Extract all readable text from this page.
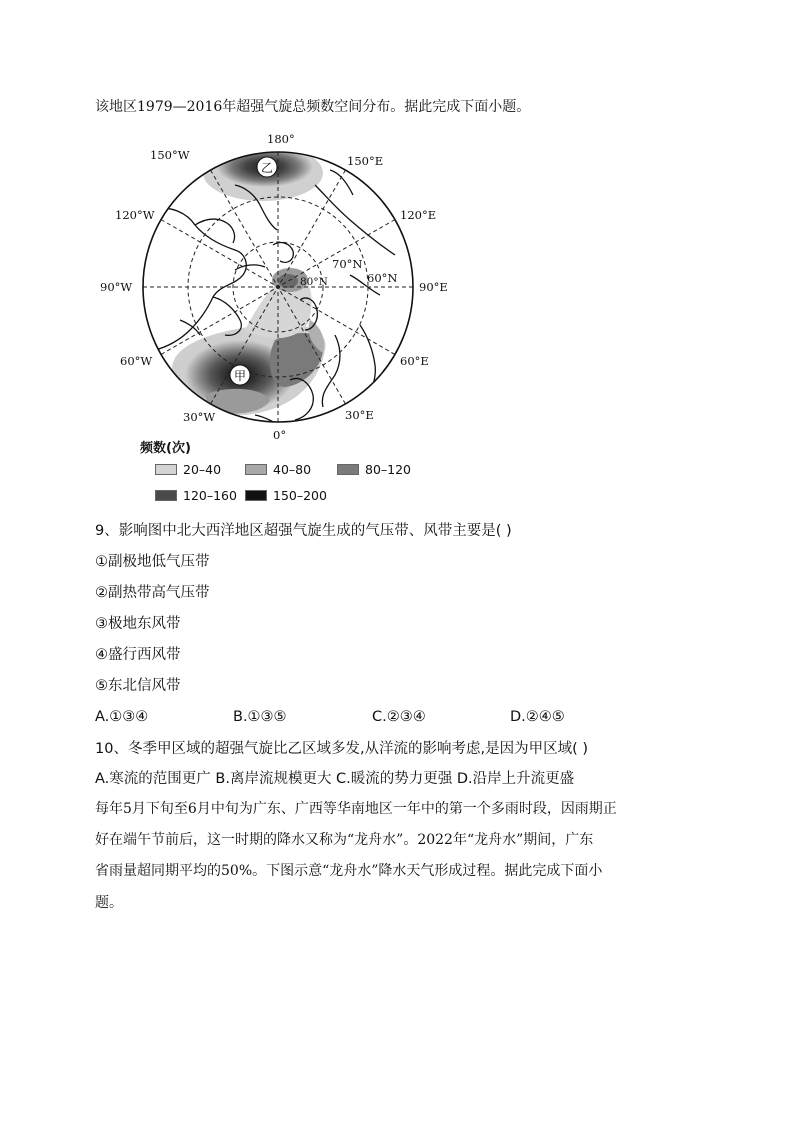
该地区1979—2016年超强气旋总频数空间分布。据此完成下面小题。
乙
甲
180°
150°W	150°E
120°W	120°E
90°W	90°E
60°W	60°E
30°W	30°E
0°
70°N
60°N
80°N
频数(次)
20–40	40–80	80–120
120–160	150–200
9、影响图中北大西洋地区超强气旋生成的气压带、风带主要是( )
①副极地低气压带
②副热带高气压带
③极地东风带
④盛行西风带
⑤东北信风带
A.①③④	B.①③⑤	C.②③④	D.②④⑤
10、冬季甲区域的超强气旋比乙区域多发,从洋流的影响考虑,是因为甲区域( )
A.寒流的范围更广 B.离岸流规模更大 C.暖流的势力更强 D.沿岸上升流更盛
每年5月下旬至6月中旬为广东、广西等华南地区一年中的第一个多雨时段，因雨期正
好在端午节前后，这一时期的降水又称为“龙舟水”。2022年“龙舟水”期间，广东
省雨量超同期平均的50%。下图示意“龙舟水”降水天气形成过程。据此完成下面小
题。
